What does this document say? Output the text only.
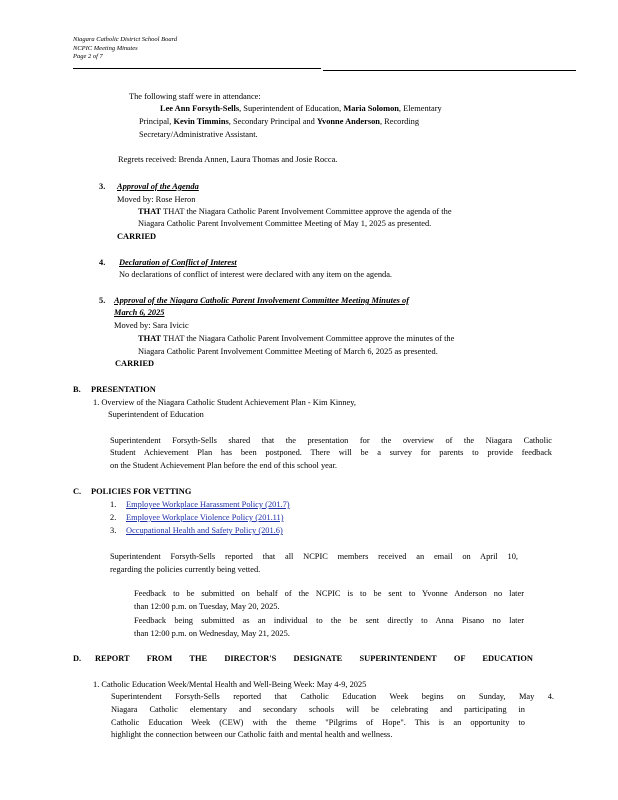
Niagara Catholic District School Board
NCPIC Meeting Minutes
Page 2 of 7
The following staff were in attendance:
Lee Ann Forsyth-Sells, Superintendent of Education, Maria Solomon, Elementary
Principal, Kevin Timmins, Secondary Principal and Yvonne Anderson, Recording
Secretary/Administrative Assistant.
Regrets received: Brenda Annen, Laura Thomas and Josie Rocca.
3. Approval of the Agenda
Moved by: Rose Heron
THAT THAT the Niagara Catholic Parent Involvement Committee approve the agenda of the
Niagara Catholic Parent Involvement Committee Meeting of May 1, 2025 as presented.
CARRIED
4. Declaration of Conflict of Interest
No declarations of conflict of interest were declared with any item on the agenda.
5. Approval of the Niagara Catholic Parent Involvement Committee Meeting Minutes of
March 6, 2025
Moved by: Sara Ivicic
THAT THAT the Niagara Catholic Parent Involvement Committee approve the minutes of the
Niagara Catholic Parent Involvement Committee Meeting of March 6, 2025 as presented.
CARRIED
B. PRESENTATION
1. Overview of the Niagara Catholic Student Achievement Plan - Kim Kinney,
Superintendent of Education
Superintendent Forsyth-Sells shared that the presentation for the overview of the Niagara Catholic
Student Achievement Plan has been postponed. There will be a survey for parents to provide feedback
on the Student Achievement Plan before the end of this school year.
C. POLICIES FOR VETTING
1. Employee Workplace Harassment Policy (201.7)
2. Employee Workplace Violence Policy (201.11)
3. Occupational Health and Safety Policy (201.6)
Superintendent Forsyth-Sells reported that all NCPIC members received an email on April 10,
regarding the policies currently being vetted.
Feedback to be submitted on behalf of the NCPIC is to be sent to Yvonne Anderson no later
than 12:00 p.m. on Tuesday, May 20, 2025.
Feedback being submitted as an individual to the be sent directly to Anna Pisano no later
than 12:00 p.m. on Wednesday, May 21, 2025.
D. REPORT FROM THE DIRECTOR'S DESIGNATE SUPERINTENDENT OF EDUCATION
1. Catholic Education Week/Mental Health and Well-Being Week: May 4-9, 2025
Superintendent Forsyth-Sells reported that Catholic Education Week begins on Sunday, May 4.
Niagara Catholic elementary and secondary schools will be celebrating and participating in
Catholic Education Week (CEW) with the theme "Pilgrims of Hope". This is an opportunity to
highlight the connection between our Catholic faith and mental health and wellness.
